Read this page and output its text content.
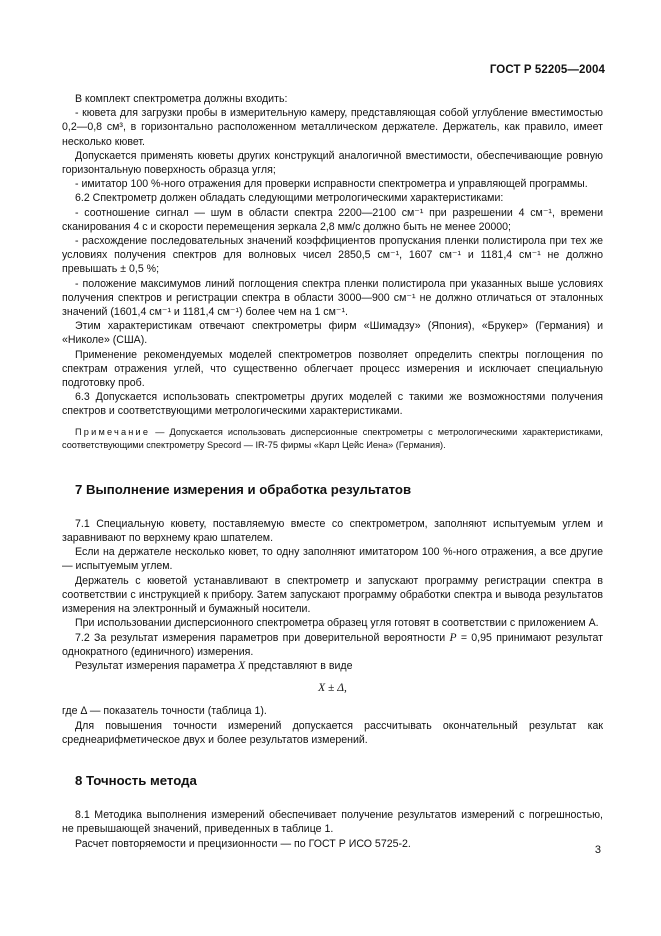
ГОСТ Р 52205—2004

В комплект спектрометра должны входить:

- кювета для загрузки пробы в измерительную камеру, представляющая собой углубление вместимостью 0,2—0,8 см³, в горизонтально расположенном металлическом держателе. Держатель, как правило, имеет несколько кювет.

Допускается применять кюветы других конструкций аналогичной вместимости, обеспечивающие ровную горизонтальную поверхность образца угля;

- имитатор 100 %-ного отражения для проверки исправности спектрометра и управляющей программы.

6.2 Спектрометр должен обладать следующими метрологическими характеристиками:

- соотношение сигнал — шум в области спектра 2200—2100 см⁻¹ при разрешении 4 см⁻¹, времени сканирования 4 с и скорости перемещения зеркала 2,8 мм/с должно быть не менее 20000;

- расхождение последовательных значений коэффициентов пропускания пленки полистирола при тех же условиях получения спектров для волновых чисел 2850,5 см⁻¹, 1607 см⁻¹ и 1181,4 см⁻¹ не должно превышать ± 0,5 %;

- положение максимумов линий поглощения спектра пленки полистирола при указанных выше условиях получения спектров и регистрации спектра в области 3000—900 см⁻¹ не должно отличаться от эталонных значений (1601,4 см⁻¹ и 1181,4 см⁻¹) более чем на 1 см⁻¹.

Этим характеристикам отвечают спектрометры фирм «Шимадзу» (Япония), «Брукер» (Германия) и «Николе» (США).

Применение рекомендуемых моделей спектрометров позволяет определить спектры поглощения по спектрам отражения углей, что существенно облегчает процесс измерения и исключает специальную подготовку проб.

6.3 Допускается использовать спектрометры других моделей с такими же возможностями получения спектров и соответствующими метрологическими характеристиками.

Примечание — Допускается использовать дисперсионные спектрометры с метрологическими характеристиками, соответствующими спектрометру Specord — IR-75 фирмы «Карл Цейс Иена» (Германия).

7 Выполнение измерения и обработка результатов

7.1 Специальную кювету, поставляемую вместе со спектрометром, заполняют испытуемым углем и заравнивают по верхнему краю шпателем.

Если на держателе несколько кювет, то одну заполняют имитатором 100 %-ного отражения, а все другие — испытуемым углем.

Держатель с кюветой устанавливают в спектрометр и запускают программу регистрации спектра в соответствии с инструкцией к прибору. Затем запускают программу обработки спектра и вывода результатов измерения на электронный и бумажный носители.

При использовании дисперсионного спектрометра образец угля готовят в соответствии с приложением А.

7.2 За результат измерения параметров при доверительной вероятности P = 0,95 принимают результат однократного (единичного) измерения.

Результат измерения параметра X представляют в виде

X ± Δ,

где Δ — показатель точности (таблица 1).

Для повышения точности измерений допускается рассчитывать окончательный результат как среднеарифметическое двух и более результатов измерений.

8 Точность метода

8.1 Методика выполнения измерений обеспечивает получение результатов измерений с погрешностью, не превышающей значений, приведенных в таблице 1.

Расчет повторяемости и прецизионности — по ГОСТ Р ИСО 5725-2.

3
